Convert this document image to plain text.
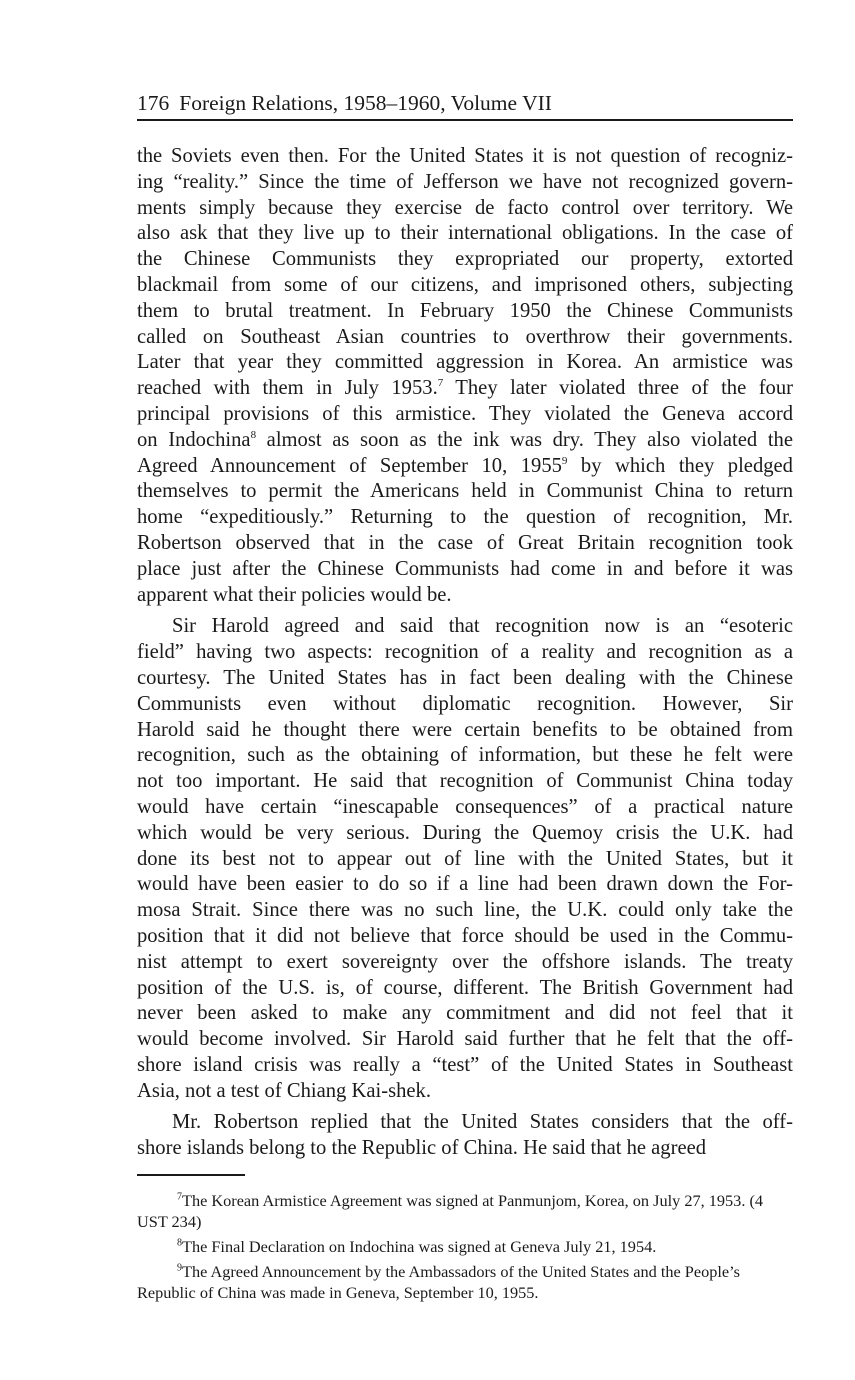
176 Foreign Relations, 1958–1960, Volume VII

the Soviets even then. For the United States it is not question of recogniz-
ing “reality.” Since the time of Jefferson we have not recognized govern-
ments simply because they exercise de facto control over territory. We
also ask that they live up to their international obligations. In the case of
the Chinese Communists they expropriated our property, extorted
blackmail from some of our citizens, and imprisoned others, subjecting
them to brutal treatment. In February 1950 the Chinese Communists
called on Southeast Asian countries to overthrow their governments.
Later that year they committed aggression in Korea. An armistice was
reached with them in July 1953.$^7$ They later violated three of the four
principal provisions of this armistice. They violated the Geneva accord
on Indochina$^8$ almost as soon as the ink was dry. They also violated the
Agreed Announcement of September 10, 1955$^9$ by which they pledged
themselves to permit the Americans held in Communist China to return
home “expeditiously.” Returning to the question of recognition, Mr.
Robertson observed that in the case of Great Britain recognition took
place just after the Chinese Communists had come in and before it was
apparent what their policies would be.

Sir Harold agreed and said that recognition now is an “esoteric
field” having two aspects: recognition of a reality and recognition as a
courtesy. The United States has in fact been dealing with the Chinese
Communists even without diplomatic recognition. However, Sir
Harold said he thought there were certain benefits to be obtained from
recognition, such as the obtaining of information, but these he felt were
not too important. He said that recognition of Communist China today
would have certain “inescapable consequences” of a practical nature
which would be very serious. During the Quemoy crisis the U.K. had
done its best not to appear out of line with the United States, but it
would have been easier to do so if a line had been drawn down the For-
mosa Strait. Since there was no such line, the U.K. could only take the
position that it did not believe that force should be used in the Commu-
nist attempt to exert sovereignty over the offshore islands. The treaty
position of the U.S. is, of course, different. The British Government had
never been asked to make any commitment and did not feel that it
would become involved. Sir Harold said further that he felt that the off-
shore island crisis was really a “test” of the United States in Southeast
Asia, not a test of Chiang Kai-shek.

Mr. Robertson replied that the United States considers that the off-
shore islands belong to the Republic of China. He said that he agreed

$^7$The Korean Armistice Agreement was signed at Panmunjom, Korea, on July 27, 1953. (4 UST 234)
$^8$The Final Declaration on Indochina was signed at Geneva July 21, 1954.
$^9$The Agreed Announcement by the Ambassadors of the United States and the People’s Republic of China was made in Geneva, September 10, 1955.
